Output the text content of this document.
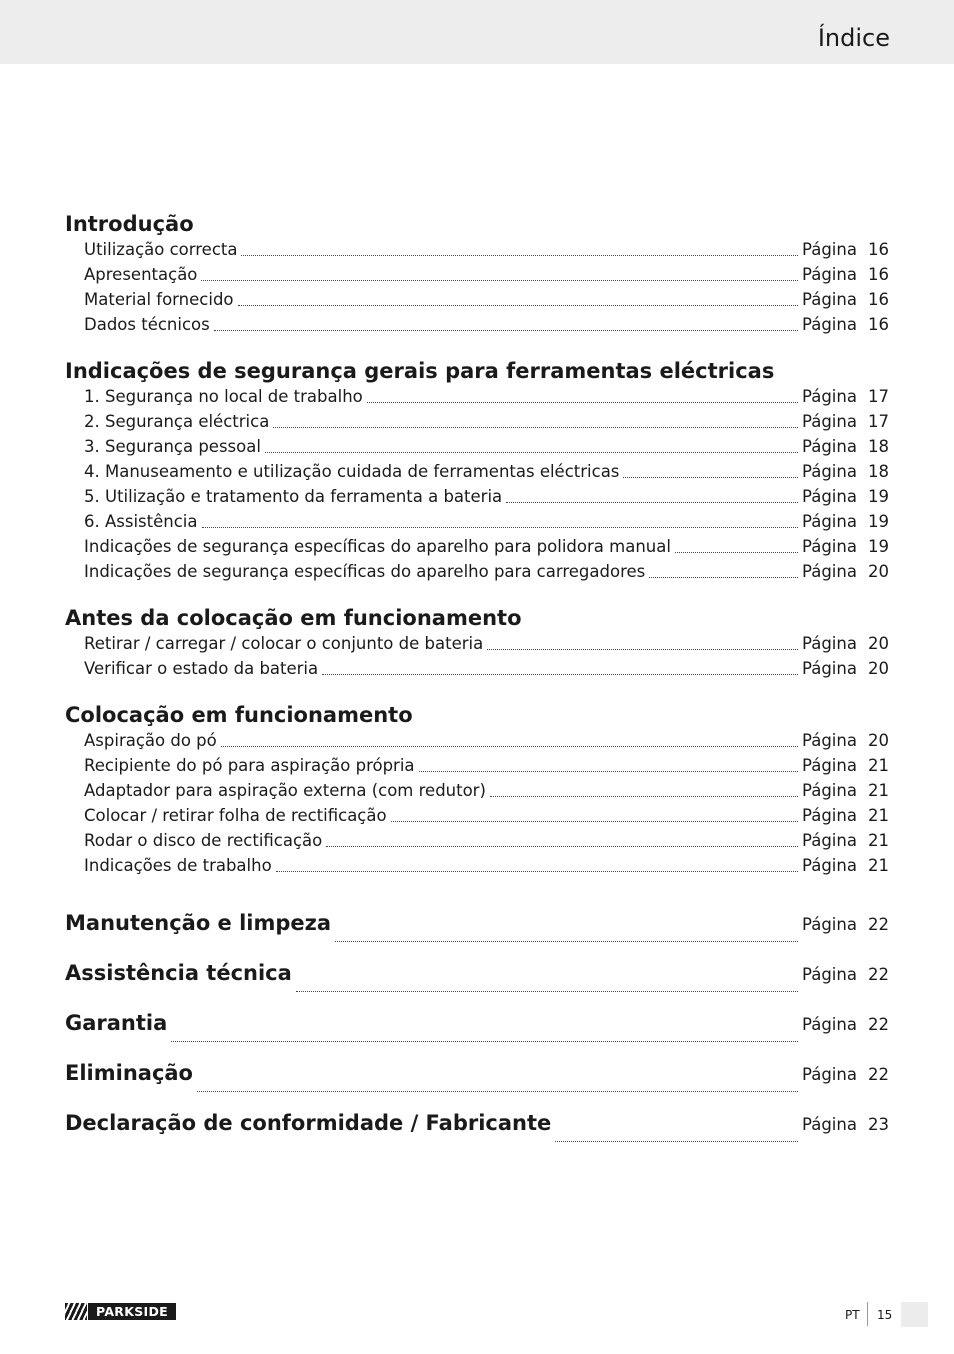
Índice
Introdução
Utilização correcta	Página 16
Apresentação	Página 16
Material fornecido	Página 16
Dados técnicos	Página 16
Indicações de segurança gerais para ferramentas eléctricas
1. Segurança no local de trabalho	Página 17
2. Segurança eléctrica	Página 17
3. Segurança pessoal	Página 18
4. Manuseamento e utilização cuidada de ferramentas eléctricas	Página 18
5. Utilização e tratamento da ferramenta a bateria	Página 19
6. Assistência	Página 19
Indicações de segurança específicas do aparelho para polidora manual	Página 19
Indicações de segurança específicas do aparelho para carregadores	Página 20
Antes da colocação em funcionamento
Retirar / carregar / colocar o conjunto de bateria	Página 20
Verificar o estado da bateria	Página 20
Colocação em funcionamento
Aspiração do pó	Página 20
Recipiente do pó para aspiração própria	Página 21
Adaptador para aspiração externa (com redutor)	Página 21
Colocar / retirar folha de rectificação	Página 21
Rodar o disco de rectificação	Página 21
Indicações de trabalho	Página 21
Manutenção e limpeza	Página 22
Assistência técnica	Página 22
Garantia	Página 22
Eliminação	Página 22
Declaração de conformidade / Fabricante	Página 23
PARKSIDE	PT 15
